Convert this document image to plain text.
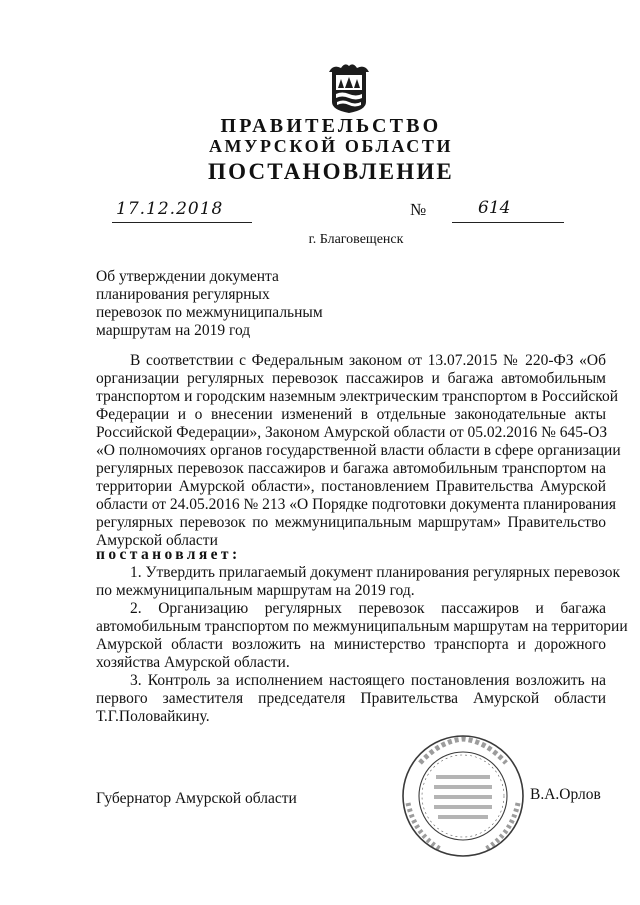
ПРАВИТЕЛЬСТВО
АМУРСКОЙ ОБЛАСТИ
ПОСТАНОВЛЕНИЕ
17.12.2018	№	614
г. Благовещенск
Об утверждении документа
планирования регулярных
перевозок по межмуниципальным
маршрутам на 2019 год
В соответствии с Федеральным законом от 13.07.2015 № 220-ФЗ «Об
организации регулярных перевозок пассажиров и багажа автомобильным
транспортом и городским наземным электрическим транспортом в Российской
Федерации и о внесении изменений в отдельные законодательные акты
Российской Федерации», Законом Амурской области от 05.02.2016 № 645-ОЗ
«О полномочиях органов государственной власти области в сфере организации
регулярных перевозок пассажиров и багажа автомобильным транспортом на
территории Амурской области», постановлением Правительства Амурской
области от 24.05.2016 № 213 «О Порядке подготовки документа планирования
регулярных перевозок по межмуниципальным маршрутам» Правительство
Амурской области
постановляет:
1. Утвердить прилагаемый документ планирования регулярных перевозок
по межмуниципальным маршрутам на 2019 год.
2. Организацию регулярных перевозок пассажиров и багажа
автомобильным транспортом по межмуниципальным маршрутам на территории
Амурской области возложить на министерство транспорта и дорожного
хозяйства Амурской области.
3. Контроль за исполнением настоящего постановления возложить на
первого заместителя председателя Правительства Амурской области
Т.Г.Половайкину.
Губернатор Амурской области	В.А.Орлов
